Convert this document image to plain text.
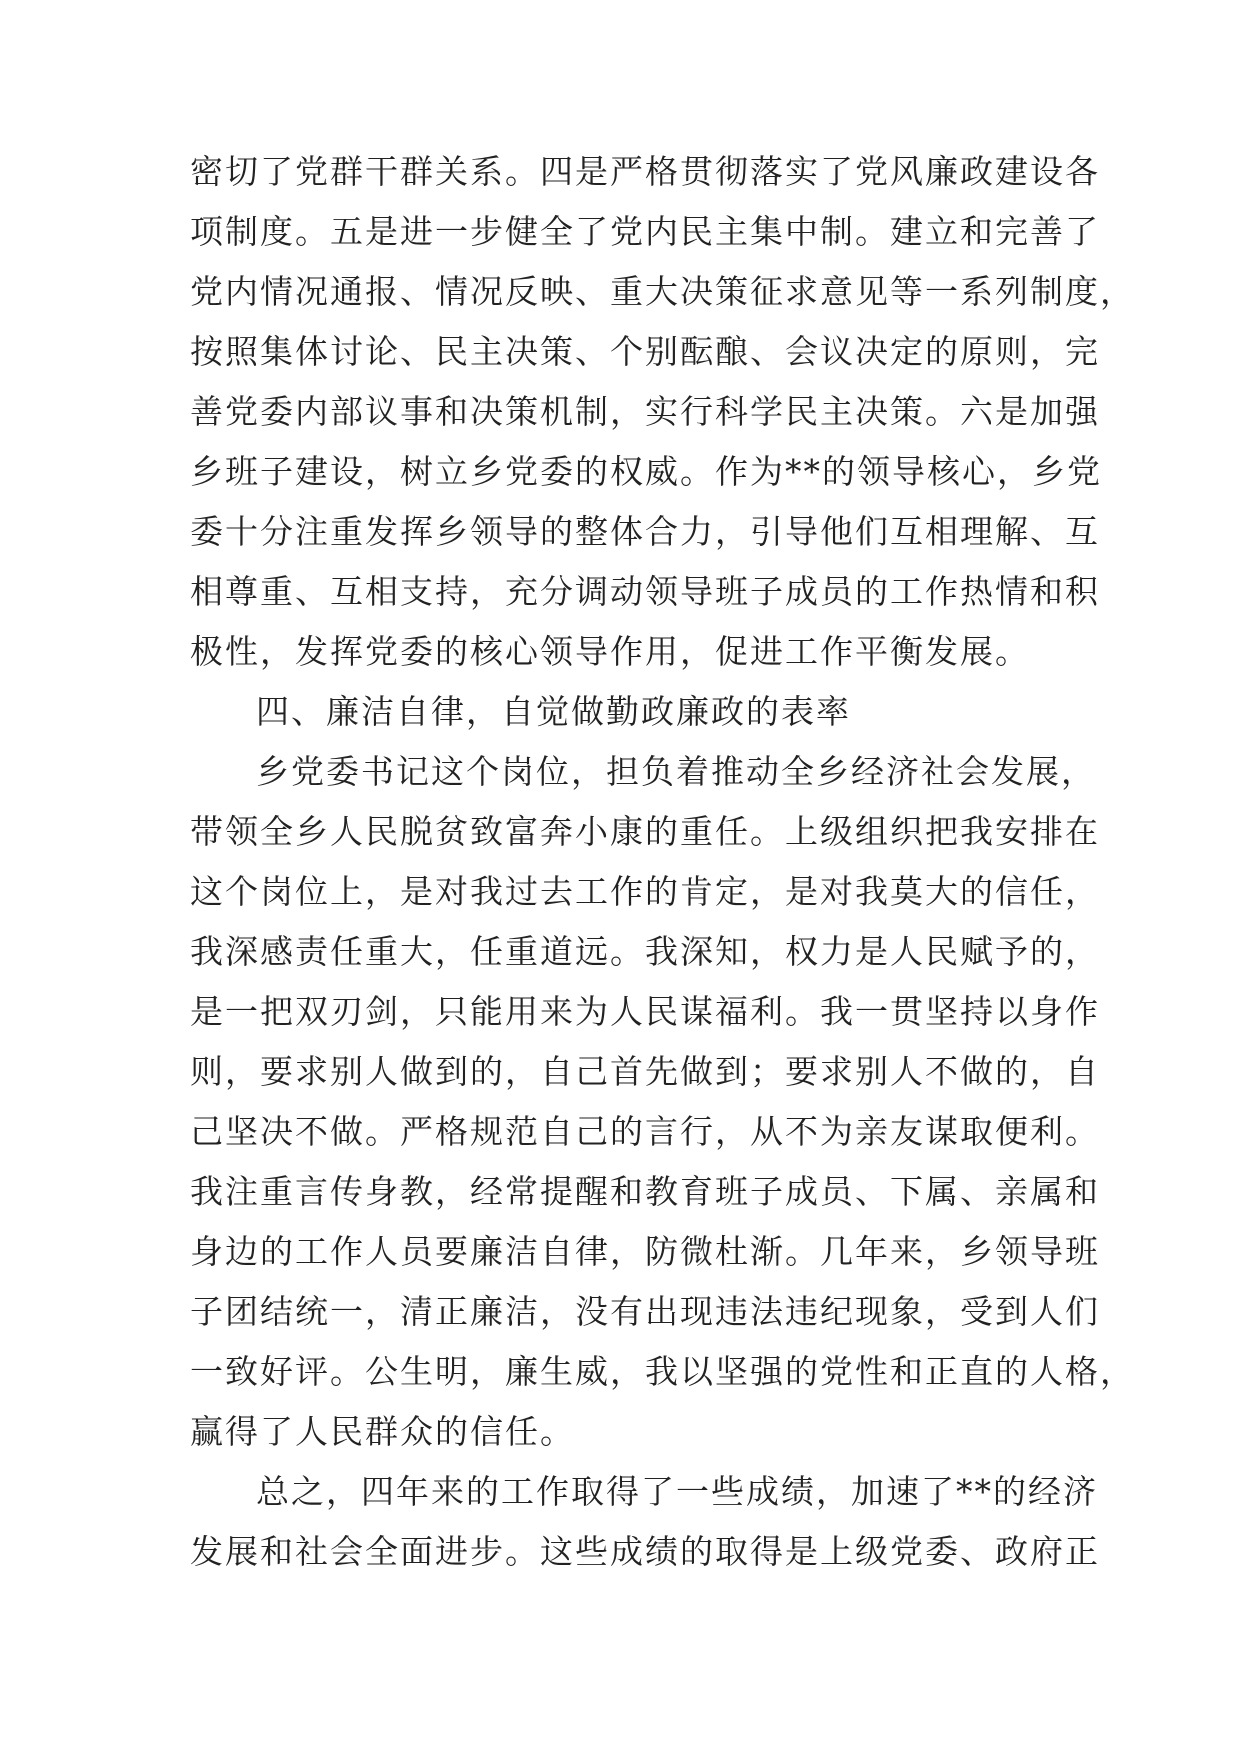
密切了党群干群关系。四是严格贯彻落实了党风廉政建设各
项制度。五是进一步健全了党内民主集中制。建立和完善了
党内情况通报、情况反映、重大决策征求意见等一系列制度，
按照集体讨论、民主决策、个别酝酿、会议决定的原则，完
善党委内部议事和决策机制，实行科学民主决策。六是加强
乡班子建设，树立乡党委的权威。作为**的领导核心，乡党
委十分注重发挥乡领导的整体合力，引导他们互相理解、互
相尊重、互相支持，充分调动领导班子成员的工作热情和积
极性，发挥党委的核心领导作用，促进工作平衡发展。
四、廉洁自律，自觉做勤政廉政的表率
乡党委书记这个岗位，担负着推动全乡经济社会发展，
带领全乡人民脱贫致富奔小康的重任。上级组织把我安排在
这个岗位上，是对我过去工作的肯定，是对我莫大的信任，
我深感责任重大，任重道远。我深知，权力是人民赋予的，
是一把双刃剑，只能用来为人民谋福利。我一贯坚持以身作
则，要求别人做到的，自己首先做到；要求别人不做的，自
己坚决不做。严格规范自己的言行，从不为亲友谋取便利。
我注重言传身教，经常提醒和教育班子成员、下属、亲属和
身边的工作人员要廉洁自律，防微杜渐。几年来，乡领导班
子团结统一，清正廉洁，没有出现违法违纪现象，受到人们
一致好评。公生明，廉生威，我以坚强的党性和正直的人格，
赢得了人民群众的信任。
总之，四年来的工作取得了一些成绩，加速了**的经济
发展和社会全面进步。这些成绩的取得是上级党委、政府正
